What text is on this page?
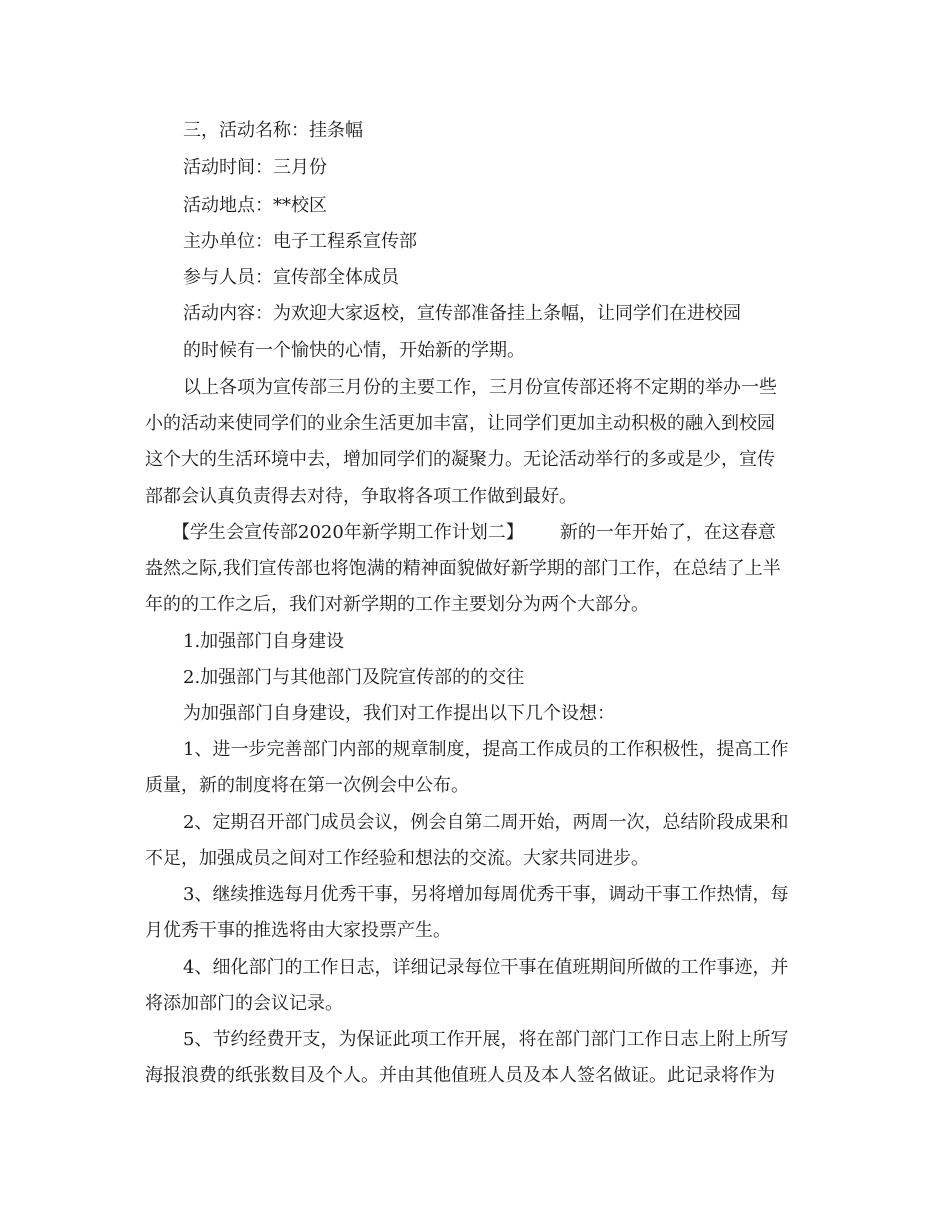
三，活动名称：挂条幅

活动时间：三月份

活动地点：**校区

主办单位：电子工程系宣传部

参与人员：宣传部全体成员

活动内容：为欢迎大家返校，宣传部准备挂上条幅，让同学们在进校园

的时候有一个愉快的心情，开始新的学期。

以上各项为宣传部三月份的主要工作，三月份宣传部还将不定期的举办一些

小的活动来使同学们的业余生活更加丰富，让同学们更加主动积极的融入到校园

这个大的生活环境中去，增加同学们的凝聚力。无论活动举行的多或是少，宣传

部都会认真负责得去对待，争取将各项工作做到最好。

【学生会宣传部2020年新学期工作计划二】 新的一年开始了，在这春意

盎然之际,我们宣传部也将饱满的精神面貌做好新学期的部门工作，在总结了上半

年的的工作之后，我们对新学期的工作主要划分为两个大部分。

1.加强部门自身建设

2.加强部门与其他部门及院宣传部的的交往

为加强部门自身建设，我们对工作提出以下几个设想：

1、进一步完善部门内部的规章制度，提高工作成员的工作积极性，提高工作

质量，新的制度将在第一次例会中公布。

2、定期召开部门成员会议，例会自第二周开始，两周一次，总结阶段成果和

不足，加强成员之间对工作经验和想法的交流。大家共同进步。

3、继续推选每月优秀干事，另将增加每周优秀干事，调动干事工作热情，每

月优秀干事的推选将由大家投票产生。

4、细化部门的工作日志，详细记录每位干事在值班期间所做的工作事迹，并

将添加部门的会议记录。

5、节约经费开支，为保证此项工作开展，将在部门部门工作日志上附上所写

海报浪费的纸张数目及个人。并由其他值班人员及本人签名做证。此记录将作为
